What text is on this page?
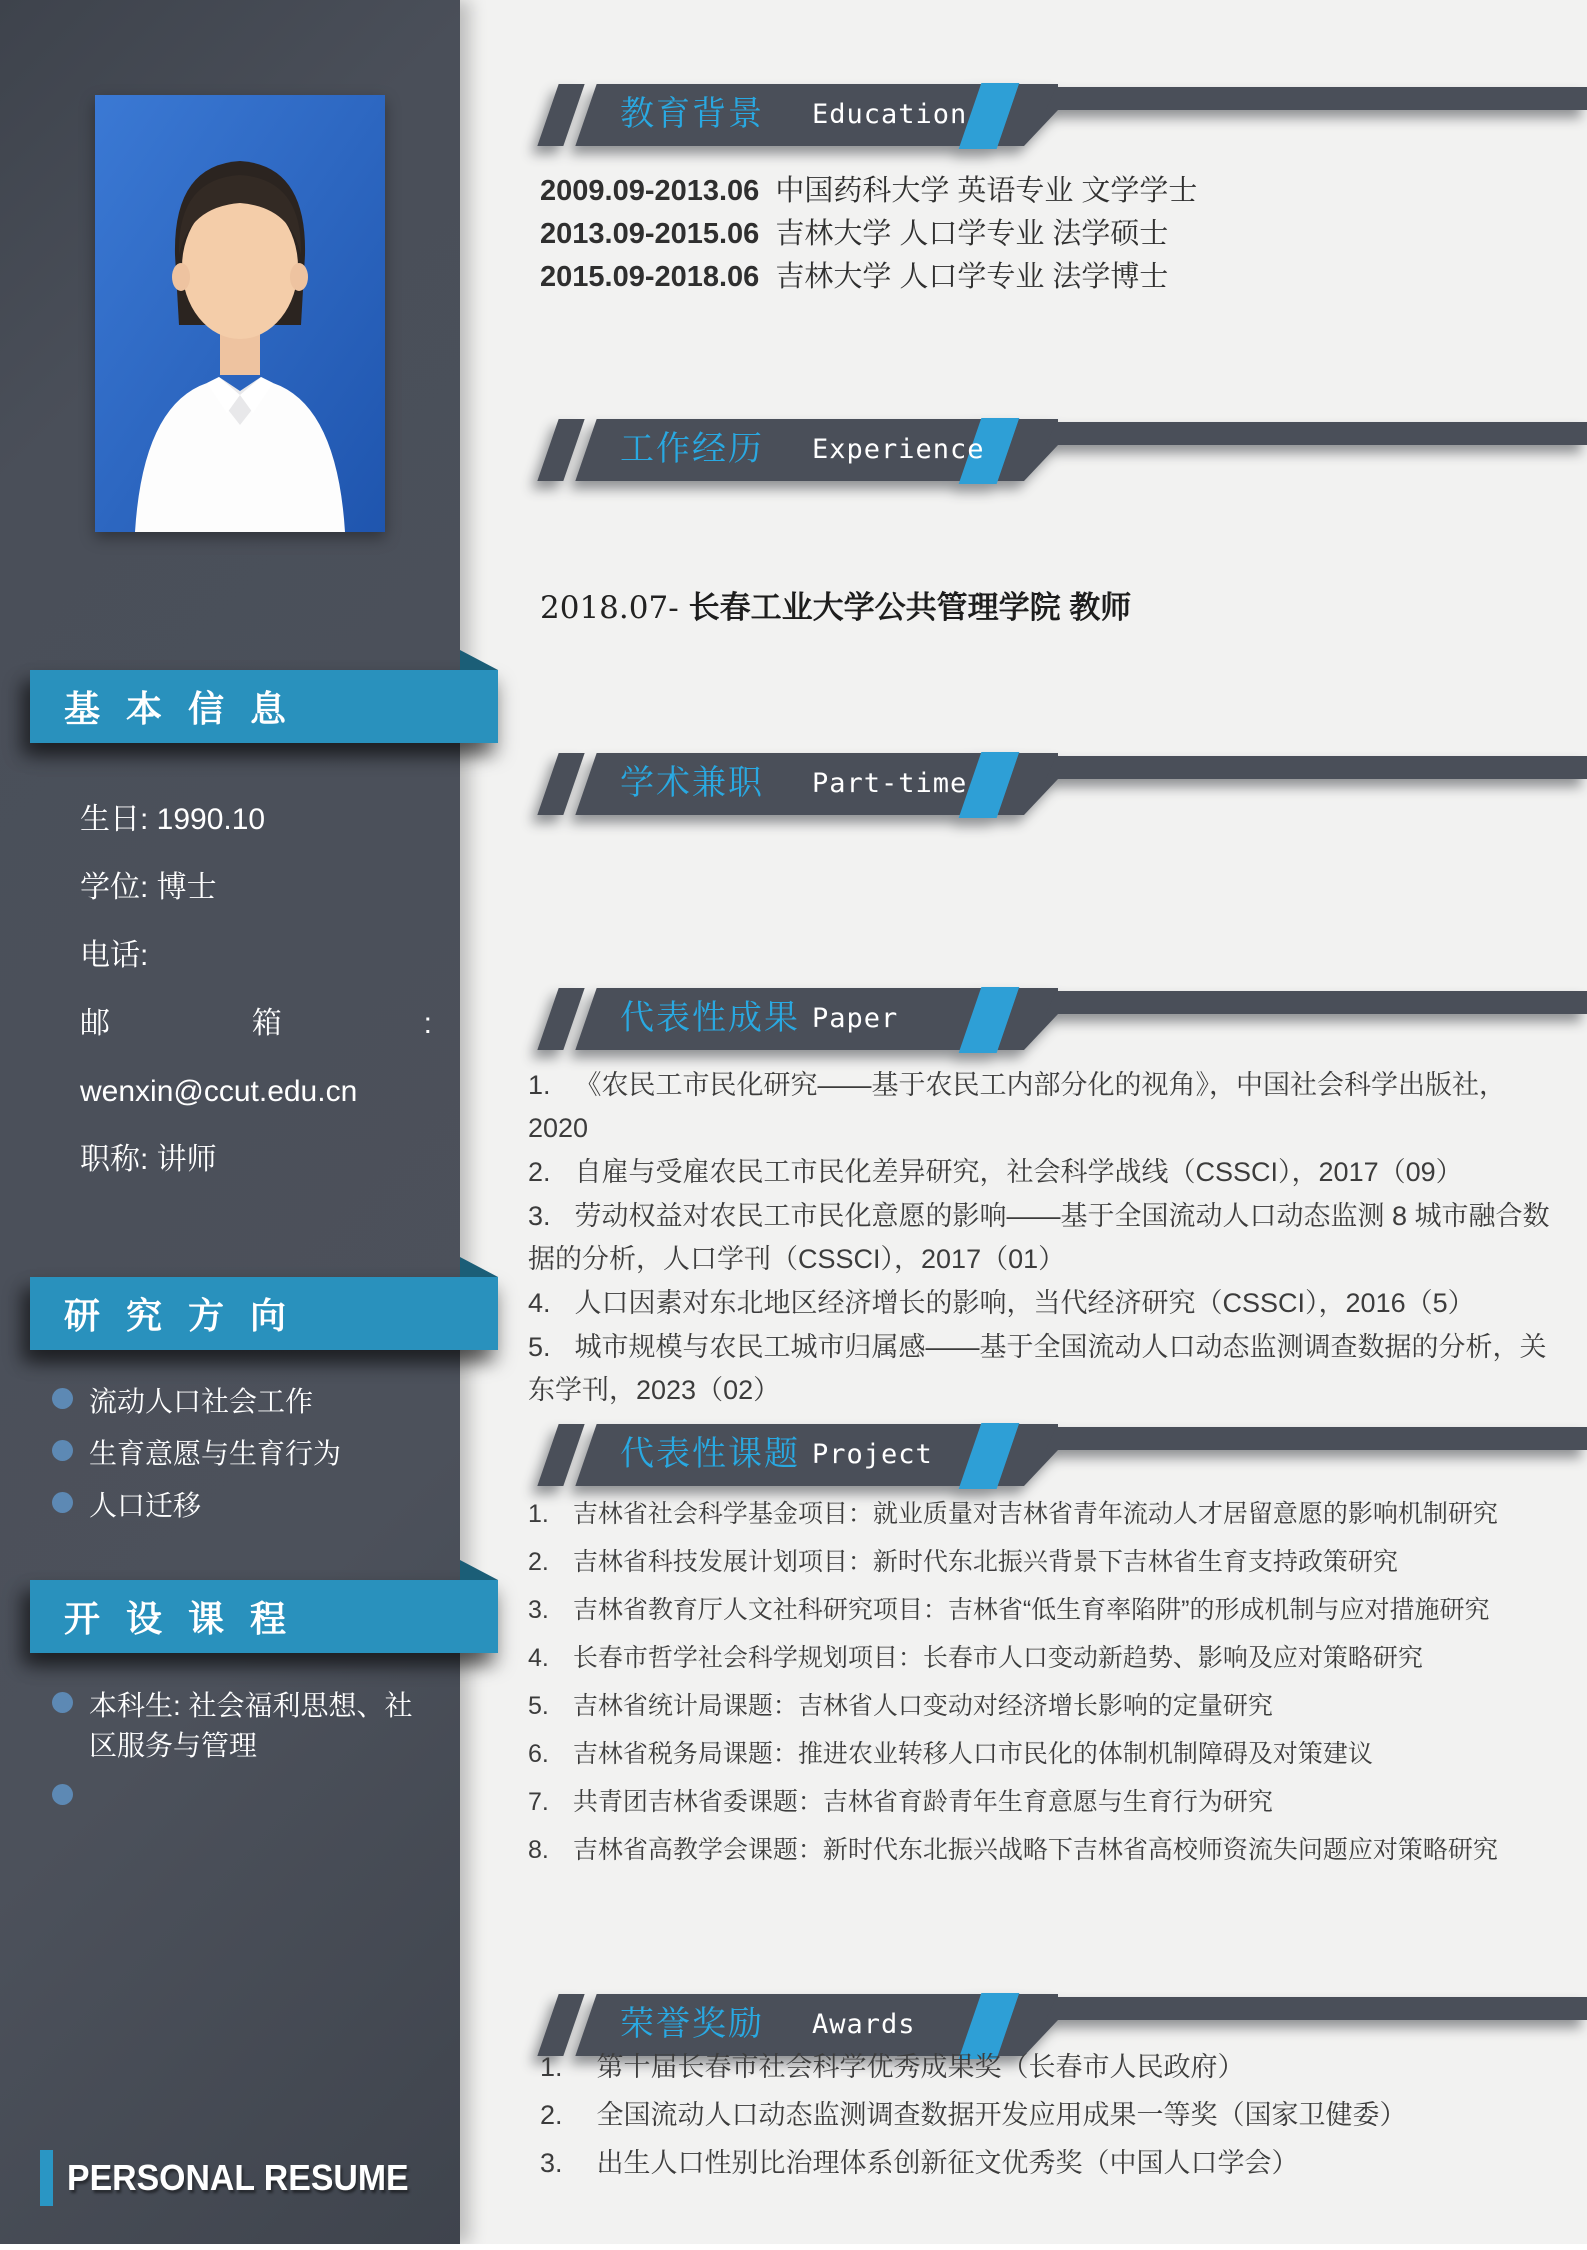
基 本 信 息
生日: 1990.10
学位: 博士
电话:
邮 箱 :
wenxin@ccut.edu.cn
职称: 讲师
研 究 方 向
流动人口社会工作
生育意愿与生育行为
人口迁移
开 设 课 程
本科生: 社会福利思想、社区服务与管理
PERSONAL RESUME
教育背景 Education
工作经历 Experience
学术兼职 Part-time
代表性成果 Paper
代表性课题 Project
荣誉奖励 Awards
2009.09-2013.06 中国药科大学 英语专业 文学学士
2013.09-2015.06 吉林大学 人口学专业 法学硕士
2015.09-2018.06 吉林大学 人口学专业 法学博士
2018.07- 长春工业大学公共管理学院 教师
1. 《农民工市民化研究——基于农民工内部分化的视角》，中国社会科学出版社，2020
2. 自雇与受雇农民工市民化差异研究，社会科学战线（CSSCI），2017（09）
3. 劳动权益对农民工市民化意愿的影响——基于全国流动人口动态监测 8 城市融合数据的分析，人口学刊（CSSCI），2017（01）
4. 人口因素对东北地区经济增长的影响，当代经济研究（CSSCI），2016（5）
5. 城市规模与农民工城市归属感——基于全国流动人口动态监测调查数据的分析，关东学刊，2023（02）
1. 吉林省社会科学基金项目：就业质量对吉林省青年流动人才居留意愿的影响机制研究
2. 吉林省科技发展计划项目：新时代东北振兴背景下吉林省生育支持政策研究
3. 吉林省教育厅人文社科研究项目：吉林省“低生育率陷阱”的形成机制与应对措施研究
4. 长春市哲学社会科学规划项目：长春市人口变动新趋势、影响及应对策略研究
5. 吉林省统计局课题：吉林省人口变动对经济增长影响的定量研究
6. 吉林省税务局课题：推进农业转移人口市民化的体制机制障碍及对策建议
7. 共青团吉林省委课题：吉林省育龄青年生育意愿与生育行为研究
8. 吉林省高教学会课题：新时代东北振兴战略下吉林省高校师资流失问题应对策略研究
1. 第十届长春市社会科学优秀成果奖（长春市人民政府）
2. 全国流动人口动态监测调查数据开发应用成果一等奖（国家卫健委）
3. 出生人口性别比治理体系创新征文优秀奖（中国人口学会）
